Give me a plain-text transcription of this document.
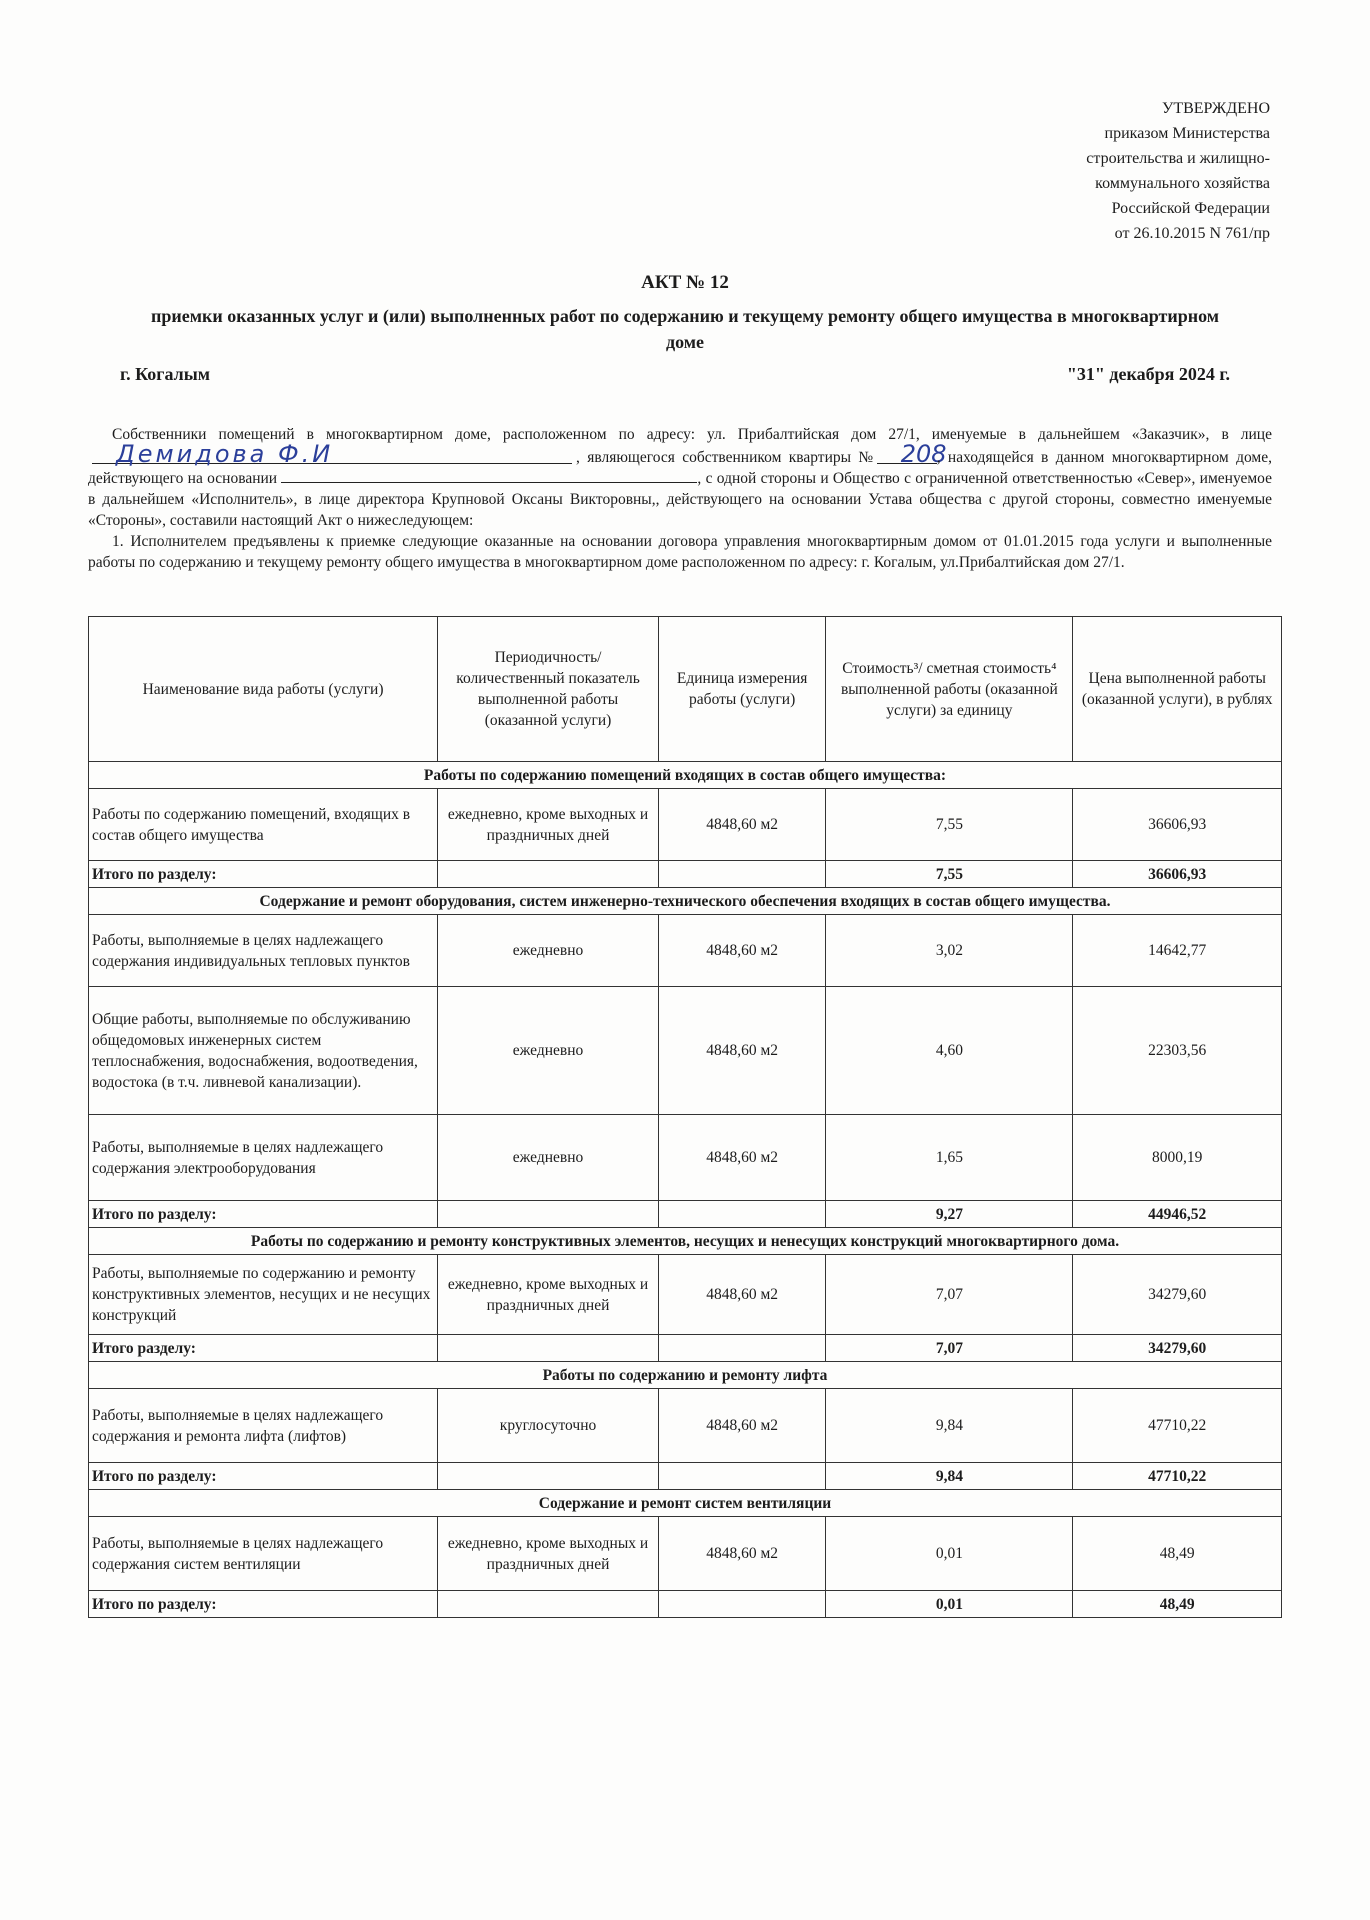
УТВЕРЖДЕНО
приказом Министерства
строительства и жилищно-
коммунального хозяйства
Российской Федерации
от 26.10.2015 N 761/пр
АКТ № 12
приемки оказанных услуг и (или) выполненных работ по содержанию и текущему ремонту общего имущества в многоквартирном доме
г. Когалым	"31" декабря 2024 г.

Собственники помещений в многоквартирном доме, расположенном по адресу: ул. Прибалтийская дом 27/1, именуемые в дальнейшем «Заказчик», в лице Демидова Ф.И	, являющегося собственником квартиры № 208, находящейся в данном многоквартирном доме, действующего на основании	, с одной стороны и Общество с ограниченной ответственностью «Север», именуемое в дальнейшем «Исполнитель», в лице директора Крупновой Оксаны Викторовны,, действующего на основании Устава общества с другой стороны, совместно именуемые «Стороны», составили настоящий Акт о нижеследующем:

1. Исполнителем предъявлены к приемке следующие оказанные на основании договора управления многоквартирным домом от 01.01.2015 года услуги и выполненные работы по содержанию и текущему ремонту общего имущества в многоквартирном доме расположенном по адресу: г. Когалым, ул.Прибалтийская дом 27/1.

Наименование вида работы (услуги)	Периодичность/ количественный показатель выполненной работы (оказанной услуги)	Единица измерения работы (услуги)	Стоимость³/ сметная стоимость⁴ выполненной работы (оказанной услуги) за единицу	Цена выполненной работы (оказанной услуги), в рублях
Работы по содержанию помещений входящих в состав общего имущества:				
Работы по содержанию помещений, входящих в состав общего имущества	ежедневно, кроме выходных и праздничных дней	4848,60 м2	7,55	36606,93
Итого по разделу:			7,55	36606,93
Содержание и ремонт оборудования, систем инженерно-технического обеспечения входящих в состав общего имущества.				
Работы, выполняемые в целях надлежащего содержания индивидуальных тепловых пунктов	ежедневно	4848,60 м2	3,02	14642,77
Общие работы, выполняемые по обслуживанию общедомовых инженерных систем теплоснабжения, водоснабжения, водоотведения, водостока (в т.ч. ливневой канализации).	ежедневно	4848,60 м2	4,60	22303,56
Работы, выполняемые в целях надлежащего содержания электрооборудования	ежедневно	4848,60 м2	1,65	8000,19
Итого по разделу:			9,27	44946,52
Работы по содержанию и ремонту конструктивных элементов, несущих и ненесущих конструкций многоквартирного дома.				
Работы, выполняемые по содержанию и ремонту конструктивных элементов, несущих и не несущих конструкций	ежедневно, кроме выходных и праздничных дней	4848,60 м2	7,07	34279,60
Итого разделу:			7,07	34279,60
Работы по содержанию и ремонту лифта				
Работы, выполняемые в целях надлежащего содержания и ремонта лифта (лифтов)	круглосуточно	4848,60 м2	9,84	47710,22
Итого по разделу:			9,84	47710,22
Содержание и ремонт систем вентиляции				
Работы, выполняемые в целях надлежащего содержания систем вентиляции	ежедневно, кроме выходных и праздничных дней	4848,60 м2	0,01	48,49
Итого по разделу:			0,01	48,49
